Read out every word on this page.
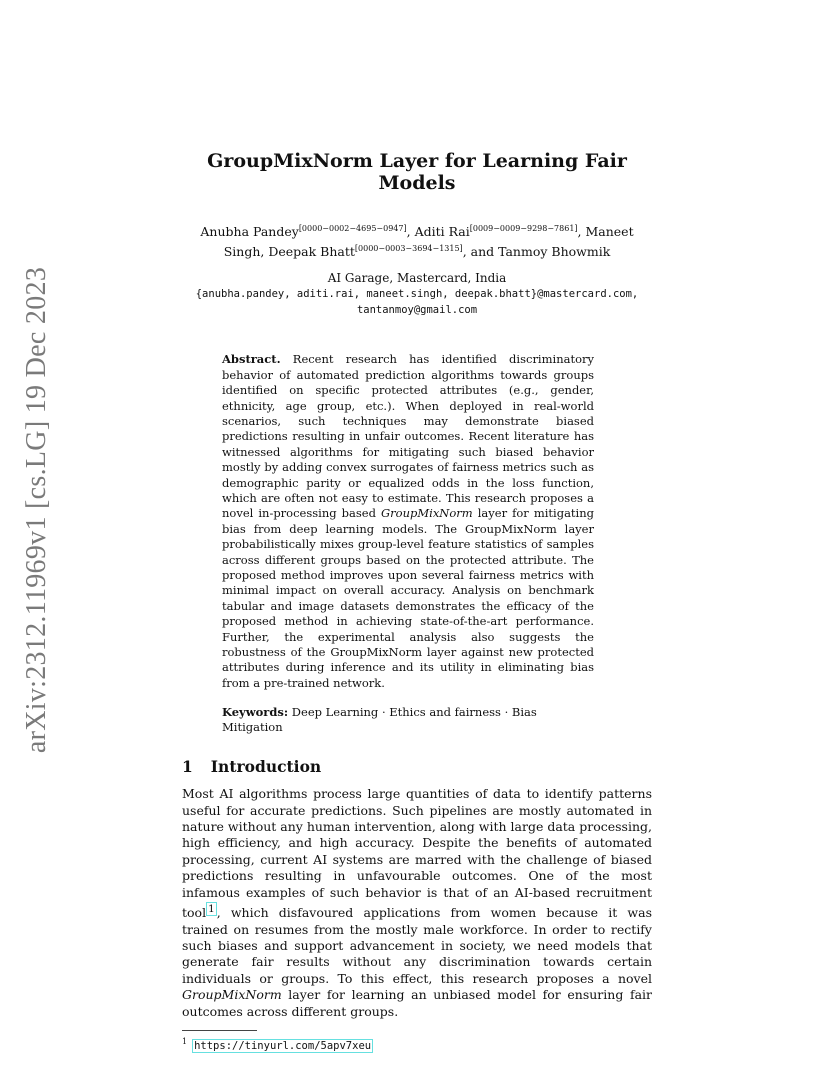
arXiv:2312.11969v1 [cs.LG] 19 Dec 2023
GroupMixNorm Layer for Learning Fair Models

Anubha Pandey[0000−0002−4695−0947], Aditi Rai[0009−0009−9298−7861], Maneet Singh, Deepak Bhatt[0000−0003−3694−1315], and Tanmoy Bhowmik

AI Garage, Mastercard, India

{anubha.pandey, aditi.rai, maneet.singh, deepak.bhatt}@mastercard.com,

tantanmoy@gmail.com

Abstract. Recent research has identified discriminatory behavior of automated prediction algorithms towards groups identified on specific protected attributes (e.g., gender, ethnicity, age group, etc.). When deployed in real-world scenarios, such techniques may demonstrate biased predictions resulting in unfair outcomes. Recent literature has witnessed algorithms for mitigating such biased behavior mostly by adding convex surrogates of fairness metrics such as demographic parity or equalized odds in the loss function, which are often not easy to estimate. This research proposes a novel in-processing based GroupMixNorm layer for mitigating bias from deep learning models. The GroupMixNorm layer probabilistically mixes group-level feature statistics of samples across different groups based on the protected attribute. The proposed method improves upon several fairness metrics with minimal impact on overall accuracy. Analysis on benchmark tabular and image datasets demonstrates the efficacy of the proposed method in achieving state-of-the-art performance. Further, the experimental analysis also suggests the robustness of the GroupMixNorm layer against new protected attributes during inference and its utility in eliminating bias from a pre-trained network.
Keywords: Deep Learning · Ethics and fairness · Bias Mitigation
1 Introduction

Most AI algorithms process large quantities of data to identify patterns useful for accurate predictions. Such pipelines are mostly automated in nature without any human intervention, along with large data processing, high efficiency, and high accuracy. Despite the benefits of automated processing, current AI systems are marred with the challenge of biased predictions resulting in unfavourable outcomes. One of the most infamous examples of such behavior is that of an AI-based recruitment tool $^1$ , which disfavoured applications from women because it was trained on resumes from the mostly male workforce. In order to rectify such biases and support advancement in society, we need models that generate fair results without any discrimination towards certain individuals or groups. To this effect, this research proposes a novel GroupMixNorm layer for learning an unbiased model for ensuring fair outcomes across different groups.

$^1$ https://tinyurl.com/5apv7xeu
